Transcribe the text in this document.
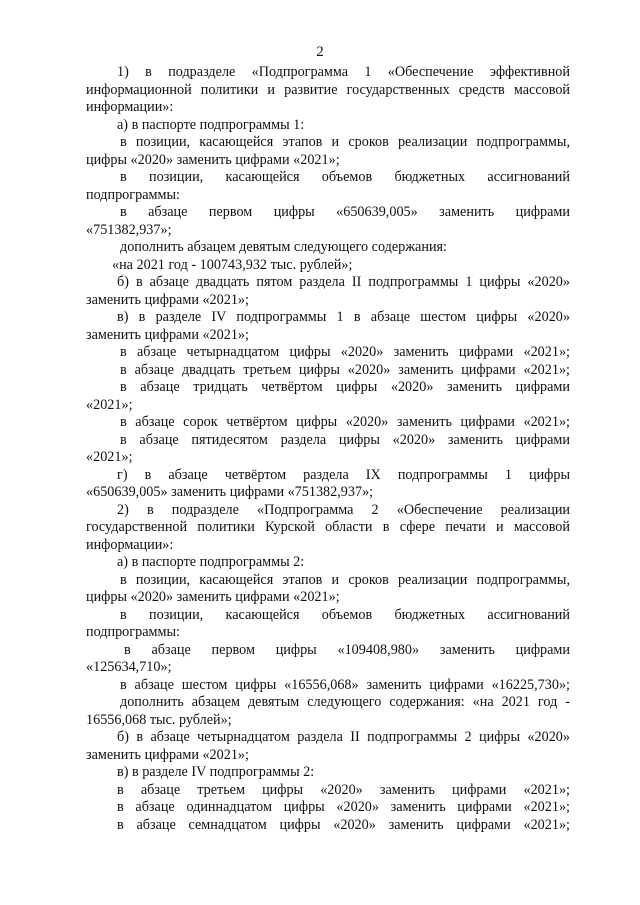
2
1) в подразделе «Подпрограмма 1 «Обеспечение эффективной
информационной политики и развитие государственных средств массовой
информации»:
а) в паспорте подпрограммы 1:
в позиции, касающейся этапов и сроков реализации подпрограммы,
цифры «2020» заменить цифрами «2021»;
в позиции, касающейся объемов бюджетных ассигнований
подпрограммы:
в абзаце первом цифры «650639,005» заменить цифрами
«751382,937»;
дополнить абзацем девятым следующего содержания:
«на 2021 год - 100743,932 тыс. рублей»;
б) в абзаце двадцать пятом раздела II подпрограммы 1 цифры «2020»
заменить цифрами «2021»;
в) в разделе IV подпрограммы 1 в абзаце шестом цифры «2020»
заменить цифрами «2021»;
в абзаце четырнадцатом цифры «2020» заменить цифрами «2021»;
в абзаце двадцать третьем цифры «2020» заменить цифрами «2021»;
в абзаце тридцать четвёртом цифры «2020» заменить цифрами
«2021»;
в абзаце сорок четвёртом цифры «2020» заменить цифрами «2021»;
в абзаце пятидесятом раздела цифры «2020» заменить цифрами
«2021»;
г) в абзаце четвёртом раздела IX подпрограммы 1 цифры
«650639,005» заменить цифрами «751382,937»;
2) в подразделе «Подпрограмма 2 «Обеспечение реализации
государственной политики Курской области в сфере печати и массовой
информации»:
а) в паспорте подпрограммы 2:
в позиции, касающейся этапов и сроков реализации подпрограммы,
цифры «2020» заменить цифрами «2021»;
в позиции, касающейся объемов бюджетных ассигнований
подпрограммы:
в абзаце первом цифры «109408,980» заменить цифрами
«125634,710»;
в абзаце шестом цифры «16556,068» заменить цифрами «16225,730»;
дополнить абзацем девятым следующего содержания: «на 2021 год -
16556,068 тыс. рублей»;
б) в абзаце четырнадцатом раздела II подпрограммы 2 цифры «2020»
заменить цифрами «2021»;
в) в разделе IV подпрограммы 2:
в абзаце третьем цифры «2020» заменить цифрами «2021»;
в абзаце одиннадцатом цифры «2020» заменить цифрами «2021»;
в абзаце семнадцатом цифры «2020» заменить цифрами «2021»;
